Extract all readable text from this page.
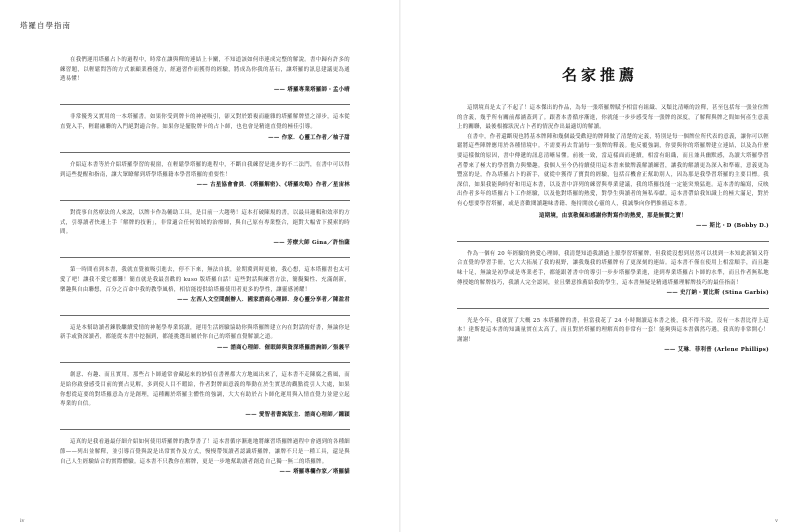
塔羅自學指南

在我們運用塔羅占卜的過程中，時常在讓與釋的連結上卡關，不知道該如何串連成完整的解說。書中歸有許多的練習題，以輕鬆問答的方式兼顧業務能力，經過習作而獲得的經驗，將成為你我的基石，讓塔羅的訊息建議更為通透易懂！

—— 塔羅專業塔羅師・孟小晴

非常優秀又實用的一本塔羅書。如果你受到牌卡的神祕吸引，卻又對於繁複而龐雜的塔羅解牌望之卻步，這本從直覺入手，輕鬆融聯的入門絕對適合你。如果你是擺脫牌卡的占卜師，也也會是精進直覺的極佳引導。

—— 作家．心靈工作者／柚子甜

介紹這本書等於介紹塔羅學習的視窗，在輕鬆學塔羅的進程中，不斷自我練習是進步的不二法門，在書中可以得到這些提醒和指南，讓大眾瞭解到塔學塔羅籍本學習塔羅的重要性！

—— 古星協會會員．《塔羅解密》、《塔羅攻略》作者／星宙林

對從事自然療法的人來說，以牌卡作為輔助工具，是目前一大趨勢！這本打破陳規的書，以最具邏輯和效率的方式，引導讀者快速上手「解牌的技術」，非常適合任何領域的治療師，與自己原有專業整合，絕對大幅省下摸索的時間。

—— 芳療大師 Gina／許怡薩

第一時間看到本書，我就直覺被吸引進去，停不下來，無法自拔，並期冀到時更被，我心想，這本塔羅書也太可愛了吧！讓我不愛它都難！簡直就是我最喜歡的 kuso 版塔羅自話！這些對話與練習方法，簡擬獨性、充滿創新，樂趣與自由聯想，百分之百命中我的教學風格，相信能提供給塔羅使用者更多的學性，讓靈感湧耀！

—— 左西人文空間創辦人．國家諮商心理師．身心靈分享者／陳盈君

這是本幫助讀者鍊股繼續愛情的神秘學專業寫讀，運用生活經驗協助你與塔羅牌建立內在對話的好書，無論你是新手或資深讀者，都能從本書中挖掘到，都能挑選出屬於你自己的塔羅直覺解讀之道。

—— 諮商心理師．催眠師與資深塔羅諮詢師／張義平

創意、有趣、而且實用，那些占卜師通常會藏起來的妙招在書裡都大方地風出來了，這本書不走陳腐之舊風，而是給你啟發感受目前的寶占見解，多到使人目不暇給，作者對牌面意義的舉動在於生實思的觀點從引人大處，如果你想從這要的對塔羅意為方是創理，這種關於塔羅主體性的強調，大大有助於占卜師化運用與入情直覺力並建立起專業的自信。

—— 愛智者書窩版主．諮商心理師／鐘穎

這真的是我看過最仔細介紹如何使用塔羅牌的教學書了！這本書循序漸進地將練習塔羅牌過程中會遇到的各種細節——列出並解釋，並引導百覺與說是出常實作及方式，慢慢帶領讀者認識塔羅牌，讓牌不只是一種工具，還是與自己人生經驗結合的實際體驗。這本書不只教你在解牌，更是一步地幫助讀者創造自己獨一無二的塔羅牌。

—— 塔羅專欄作家／塔羅貓
iv

這期境真是太了不起了！這本傑出的作品，為每一張塔羅牌賦予相當有組織、又類比清晰的詮釋，甚至包括每一張並位牌的含義，幾乎所有關前都涵蓋到了。跟著本書循序漸進，你就能一步步感受每一張牌的深度，了解釋與牌之間如何產生意義上的關聯，最後根據狀況占卜者的情況作出最適切的解讀。

在書中，作者還斷現也將基本牌陣和幾個最受歡迎的牌陣做了清楚的定義，特別是每一個牌位所代表的意義，讓你可以輕鬆將這些陣牌應用於各種情境中。不需要再去背誦每一張牌的釋義。他反覆強調，你要與你的塔羅牌建立連結，以及為什麼要這樣做的原因，書中傳遞的訊息清晰易懂。前後一致，當這樣面而連續，相當有組織，而且兼具幽默感，為讀大塔羅學習者帶來了極大的學習動力與樂趣。我個人至今仍持續使用這本書來做牌義解讀練習，讓我的解讀更為深入和準確，意義更為豐富的是，作為塔羅占卜的新手，就從中獲得了寶貴的經驗，包括召機會正幫助別人，因為那是我學習塔羅的主要目標。我深信，如果我能夠時好和用這本書，以及書中詳列的練習與專業建議，我的塔羅技能一定能突飛猛進。這本書的編寫，反映出作者多年的塔羅占卜工作經驗，以及他對塔羅的熱愛，對學生與讀者的無私奉獻。這本書帶給我知識上的極大滿足，對於有心想要學習塔羅，或是喜歡閱讀趣味書籍、拖持開放心靈的人，我誠摯向你們推薦這本書。

這期境，由衷敬佩和感謝你對寫作的熱愛，那是無價之寶！
—— 斯比・D (Bobby D.)

作為一個有 20 年經驗的熱愛心理師，我清楚知道我讀過上脈學習塔羅牌，但我從沒想到居然可以找到一本知此新穎又符合直覺的學習手冊，它大大拓展了我的視野，讓我幾我的塔羅牌有了更深刻的連結。這本書不僅在使用上相當順手，而且趣味十足，無論是初學或是專業老手，都能跟著書中的導引一步步塔羅學業進，達到專業塔羅占卜師的水準，而且作者無私地傳授她的解牌技巧，我讀人完全認同，並且樂意推薦給我的學生，這本書無疑是精通塔羅理解牌技巧的最佳指南！

—— 史汀納・賈比斯 (Stina Garbis)

光是今年，我就買了大概 25 本塔羅牌的書，但當我花了 24 小時閱讀這本書之後，我不得不說，沒有一本書比得上這本！達斯提這本書的知識量實在太高了，而且對於塔羅的理解真的非常有一套！能夠與這本書偶然巧遇，我真的非常開心！謝謝！

—— 艾琳．菲利普 (Arlene Phillips)
v
名家推薦
